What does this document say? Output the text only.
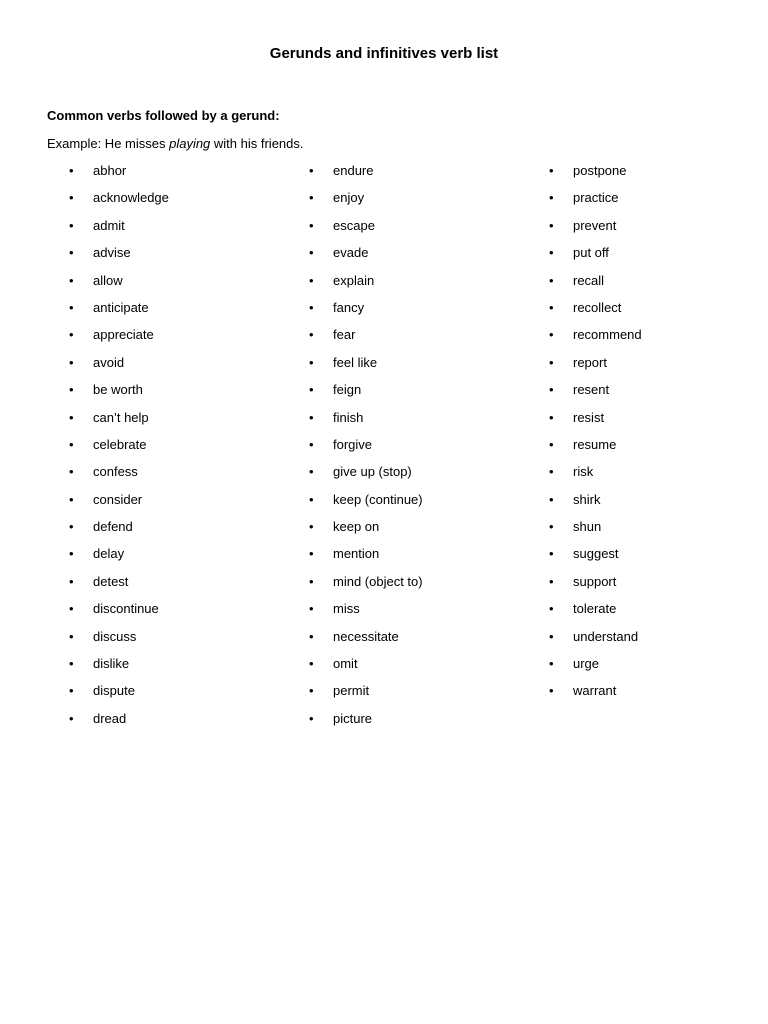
Gerunds and infinitives verb list
Common verbs followed by a gerund:
Example: He misses playing with his friends.
• abhor
• acknowledge
• admit
• advise
• allow
• anticipate
• appreciate
• avoid
• be worth
• can’t help
• celebrate
• confess
• consider
• defend
• delay
• detest
• discontinue
• discuss
• dislike
• dispute
• dread
• endure
• enjoy
• escape
• evade
• explain
• fancy
• fear
• feel like
• feign
• finish
• forgive
• give up (stop)
• keep (continue)
• keep on
• mention
• mind (object to)
• miss
• necessitate
• omit
• permit
• picture
• postpone
• practice
• prevent
• put off
• recall
• recollect
• recommend
• report
• resent
• resist
• resume
• risk
• shirk
• shun
• suggest
• support
• tolerate
• understand
• urge
• warrant
